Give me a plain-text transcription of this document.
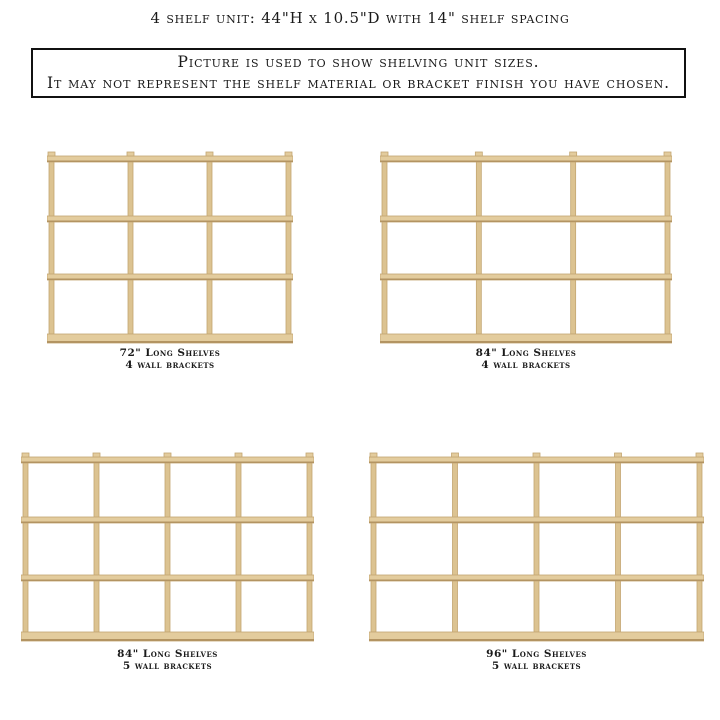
4 shelf unit: 44"H x 10.5"D with 14" shelf spacing
Picture is used to show shelving unit sizes.
It may not represent the shelf material or bracket finish you have chosen.
72" Long Shelves
4 wall brackets
84" Long Shelves
4 wall brackets
84" Long Shelves
5 wall brackets
96" Long Shelves
5 wall brackets
